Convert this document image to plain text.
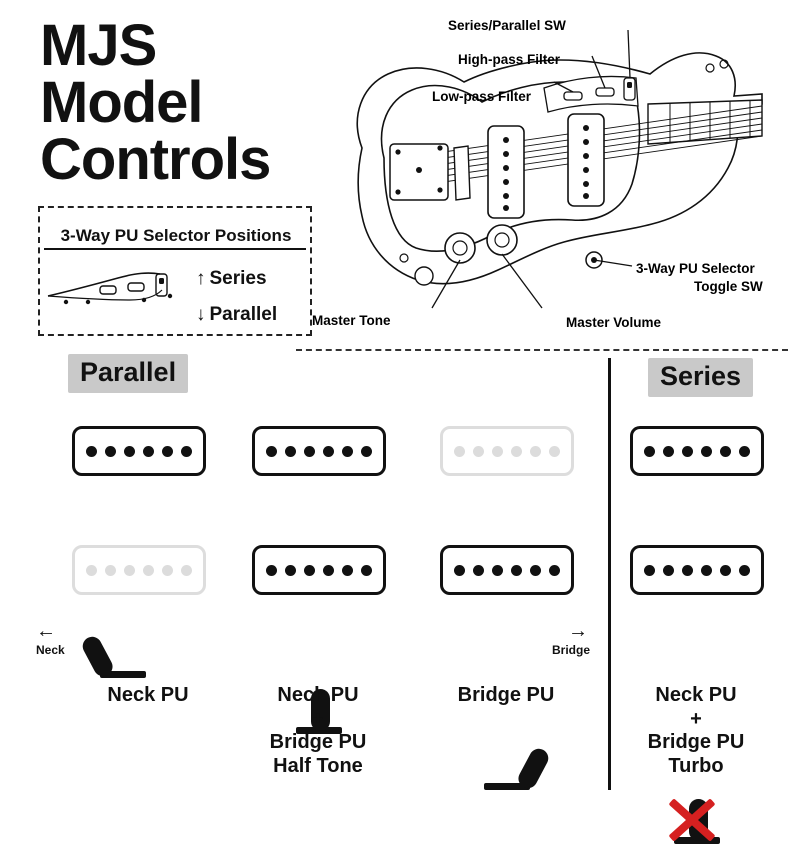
MJS
Model
Controls
3-Way PU Selector Positions
↑ Series
↓ Parallel
Series/Parallel SW
High-pass Filter
Low-pass Filter
3-Way PU Selector
Toggle SW
Master Tone	Master Volume
Parallel	Series
←
Neck
Neck PU	Neck PU
+
Bridge PU
Half Tone
→
Bridge
Bridge PU	Neck PU
+
Bridge PU
Turbo
